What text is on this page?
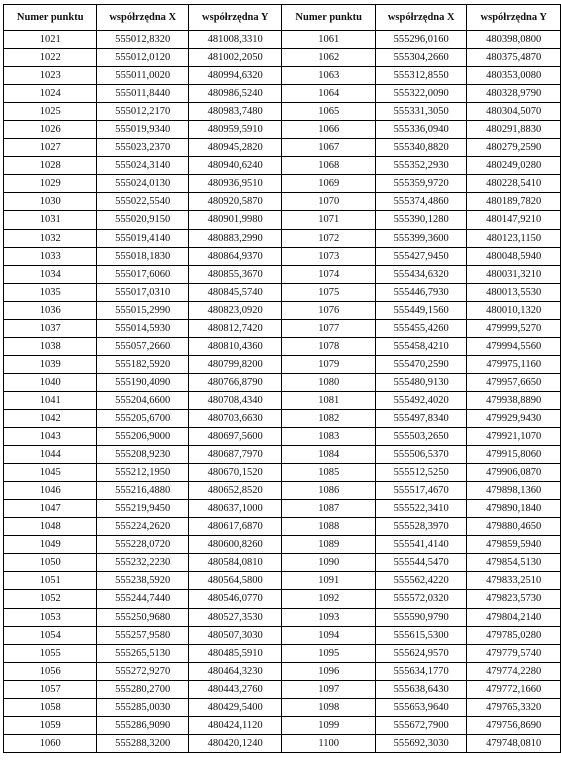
Numer punktu	współrzędna X	współrzędna Y	Numer punktu	współrzędna X	współrzędna Y
1021	555012,8320	481008,3310	1061	555296,0160	480398,0800
1022	555012,0120	481002,2050	1062	555304,2660	480375,4870
1023	555011,0020	480994,6320	1063	555312,8550	480353,0080
1024	555011,8440	480986,5240	1064	555322,0090	480328,9790
1025	555012,2170	480983,7480	1065	555331,3050	480304,5070
1026	555019,9340	480959,5910	1066	555336,0940	480291,8830
1027	555023,2370	480945,2820	1067	555340,8820	480279,2590
1028	555024,3140	480940,6240	1068	555352,2930	480249,0280
1029	555024,0130	480936,9510	1069	555359,9720	480228,5410
1030	555022,5540	480920,5870	1070	555374,4860	480189,7820
1031	555020,9150	480901,9980	1071	555390,1280	480147,9210
1032	555019,4140	480883,2990	1072	555399,3600	480123,1150
1033	555018,1830	480864,9370	1073	555427,9450	480048,5940
1034	555017,6060	480855,3670	1074	555434,6320	480031,3210
1035	555017,0310	480845,5740	1075	555446,7930	480013,5530
1036	555015,2990	480823,0920	1076	555449,1560	480010,1320
1037	555014,5930	480812,7420	1077	555455,4260	479999,5270
1038	555057,2660	480810,4360	1078	555458,4210	479994,5560
1039	555182,5920	480799,8200	1079	555470,2590	479975,1160
1040	555190,4090	480766,8790	1080	555480,9130	479957,6650
1041	555204,6600	480708,4340	1081	555492,4020	479938,8890
1042	555205,6700	480703,6630	1082	555497,8340	479929,9430
1043	555206,9000	480697,5600	1083	555503,2650	479921,1070
1044	555208,9230	480687,7970	1084	555506,5370	479915,8060
1045	555212,1950	480670,1520	1085	555512,5250	479906,0870
1046	555216,4880	480652,8520	1086	555517,4670	479898,1360
1047	555219,9450	480637,1000	1087	555522,3410	479890,1840
1048	555224,2620	480617,6870	1088	555528,3970	479880,4650
1049	555228,0720	480600,8260	1089	555541,4140	479859,5940
1050	555232,2230	480584,0810	1090	555544,5470	479854,5130
1051	555238,5920	480564,5800	1091	555562,4220	479833,2510
1052	555244,7440	480546,0770	1092	555572,0320	479823,5730
1053	555250,9680	480527,3530	1093	555590,9790	479804,2140
1054	555257,9580	480507,3030	1094	555615,5300	479785,0280
1055	555265,5130	480485,5910	1095	555624,9570	479779,5740
1056	555272,9270	480464,3230	1096	555634,1770	479774,2280
1057	555280,2700	480443,2760	1097	555638,6430	479772,1660
1058	555285,0030	480429,5400	1098	555653,9640	479765,3320
1059	555286,9090	480424,1120	1099	555672,7900	479756,8690
1060	555288,3200	480420,1240	1100	555692,3030	479748,0810
